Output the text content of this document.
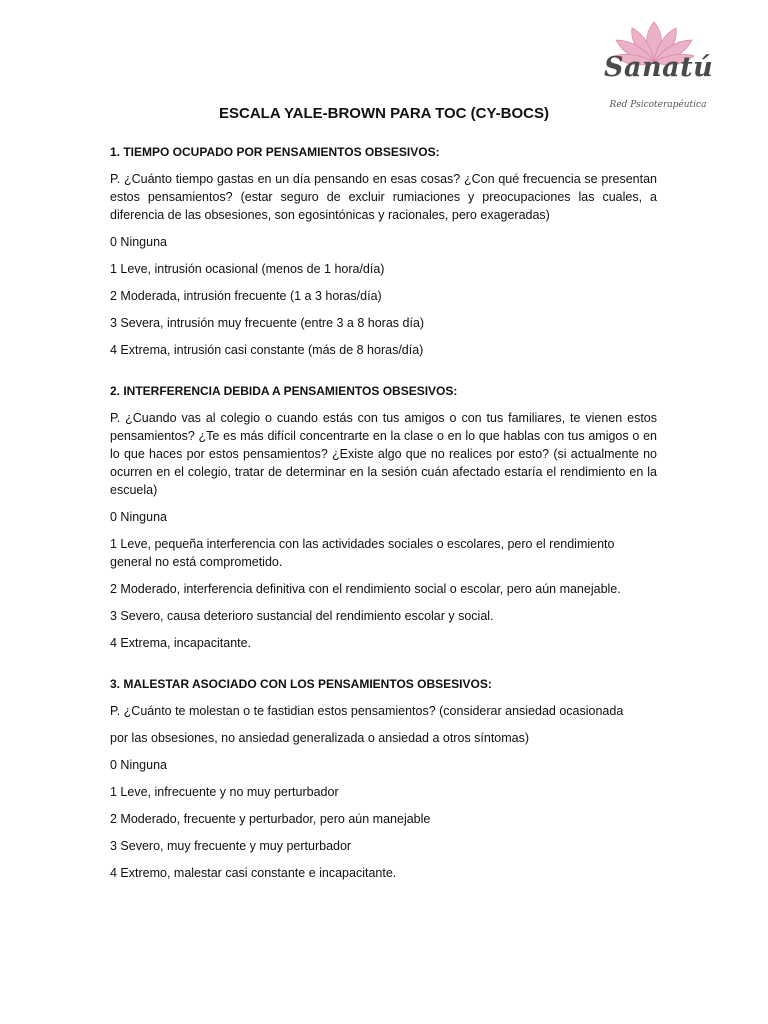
Sanatú
Red Psicoterapéutica
ESCALA YALE-BROWN PARA TOC (CY-BOCS)

1. TIEMPO OCUPADO POR PENSAMIENTOS OBSESIVOS:

P. ¿Cuánto tiempo gastas en un día pensando en esas cosas? ¿Con qué frecuencia se presentan estos pensamientos? (estar seguro de excluir rumiaciones y preocupaciones las cuales, a diferencia de las obsesiones, son egosintónicas y racionales, pero exageradas)

0 Ninguna

1 Leve, intrusión ocasional (menos de 1 hora/día)

2 Moderada, intrusión frecuente (1 a 3 horas/día)

3 Severa, intrusión muy frecuente (entre 3 a 8 horas día)

4 Extrema, intrusión casi constante (más de 8 horas/día)

2. INTERFERENCIA DEBIDA A PENSAMIENTOS OBSESIVOS:

P. ¿Cuando vas al colegio o cuando estás con tus amigos o con tus familiares, te vienen estos pensamientos? ¿Te es más difícil concentrarte en la clase o en lo que hablas con tus amigos o en lo que haces por estos pensamientos? ¿Existe algo que no realices por esto? (si actualmente no ocurren en el colegio, tratar de determinar en la sesión cuán afectado estaría el rendimiento en la escuela)

0 Ninguna

1 Leve, pequeña interferencia con las actividades sociales o escolares, pero el rendimiento general no está comprometido.

2 Moderado, interferencia definitiva con el rendimiento social o escolar, pero aún manejable.

3 Severo, causa deterioro sustancial del rendimiento escolar y social.

4 Extrema, incapacitante.

3. MALESTAR ASOCIADO CON LOS PENSAMIENTOS OBSESIVOS:

P. ¿Cuánto te molestan o te fastidian estos pensamientos? (considerar ansiedad ocasionada

por las obsesiones, no ansiedad generalizada o ansiedad a otros síntomas)

0 Ninguna

1 Leve, infrecuente y no muy perturbador

2 Moderado, frecuente y perturbador, pero aún manejable

3 Severo, muy frecuente y muy perturbador

4 Extremo, malestar casi constante e incapacitante.
